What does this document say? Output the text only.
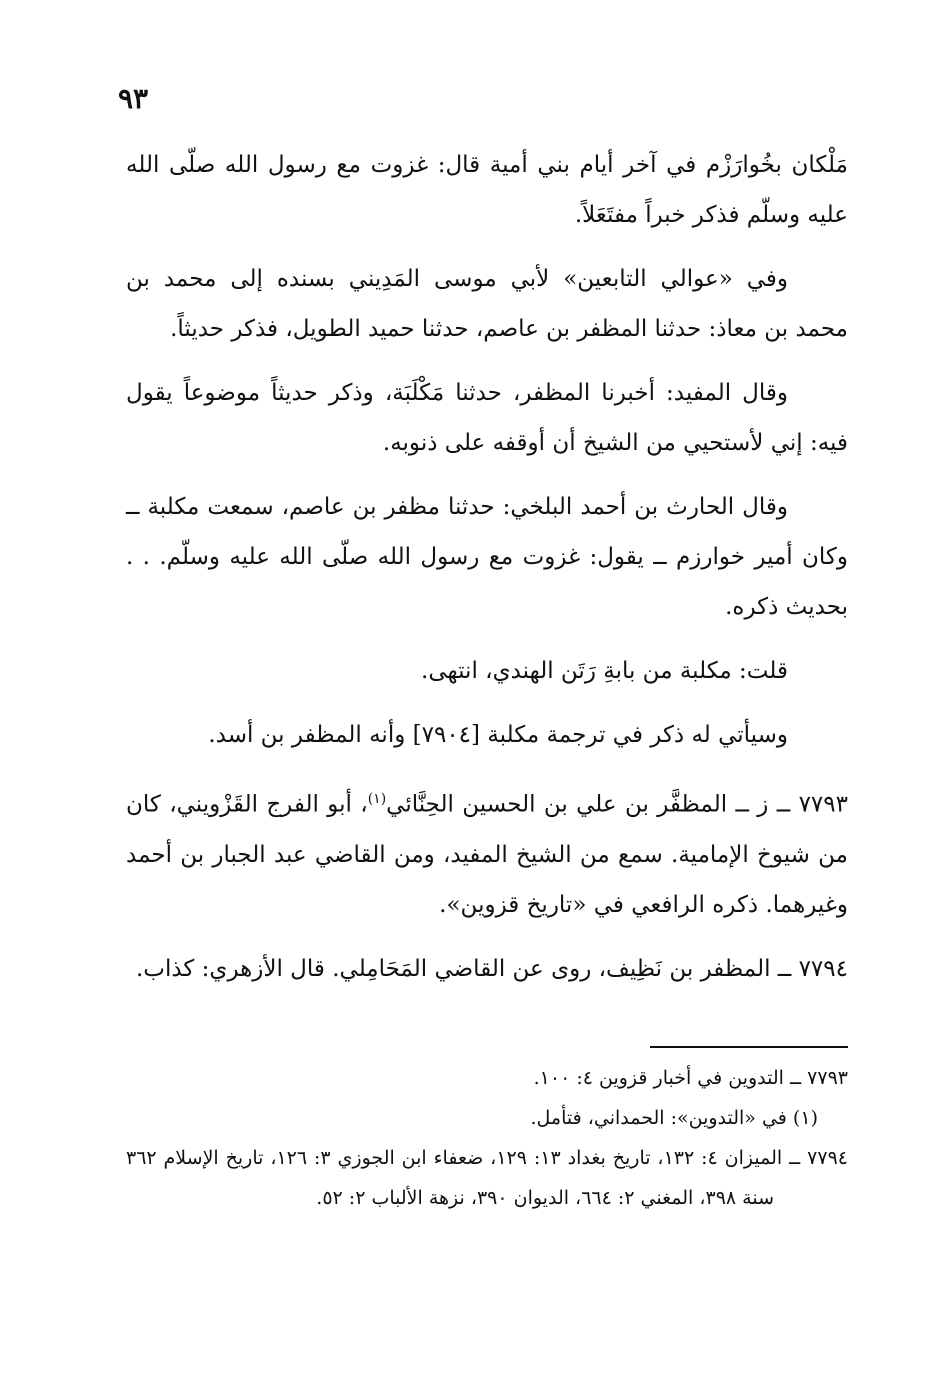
٩٣

مَلْكان بخُوارَزْم في آخر أيام بني أمية قال: غزوت مع رسول الله صلّى الله عليه وسلّم فذكر خبراً مفتَعَلاً.

وفي «عوالي التابعين» لأبي موسى المَدِيني بسنده إلى محمد بن محمد بن معاذ: حدثنا المظفر بن عاصم، حدثنا حميد الطويل، فذكر حديثاً.

وقال المفيد: أخبرنا المظفر، حدثنا مَكْلَبَة، وذكر حديثاً موضوعاً يقول فيه: إني لأستحيي من الشيخ أن أوقفه على ذنوبه.

وقال الحارث بن أحمد البلخي: حدثنا مظفر بن عاصم، سمعت مكلبة ــ وكان أمير خوارزم ــ يقول: غزوت مع رسول الله صلّى الله عليه وسلّم. . . بحديث ذكره.

قلت: مكلبة من بابةِ رَتَن الهندي، انتهى.

وسيأتي له ذكر في ترجمة مكلبة [٧٩٠٤] وأنه المظفر بن أسد.

٧٧٩٣ ــ ز ــ المظفَّر بن علي بن الحسين الحِنَّائي$^{(١)}$، أبو الفرج القَزْويني، كان من شيوخ الإمامية. سمع من الشيخ المفيد، ومن القاضي عبد الجبار بن أحمد وغيرهما. ذكره الرافعي في «تاريخ قزوين».

٧٧٩٤ ــ المظفر بن نَظِيف، روى عن القاضي المَحَامِلي. قال الأزهري: كذاب.

٧٧٩٣ ــ التدوين في أخبار قزوين ٤: ١٠٠.

(١) في «التدوين»: الحمداني، فتأمل.

٧٧٩٤ ــ الميزان ٤: ١٣٢، تاريخ بغداد ١٣: ١٢٩، ضعفاء ابن الجوزي ٣: ١٢٦، تاريخ الإسلام ٣٦٢ سنة ٣٩٨، المغني ٢: ٦٦٤، الديوان ٣٩٠، نزهة الألباب ٢: ٥٢.
